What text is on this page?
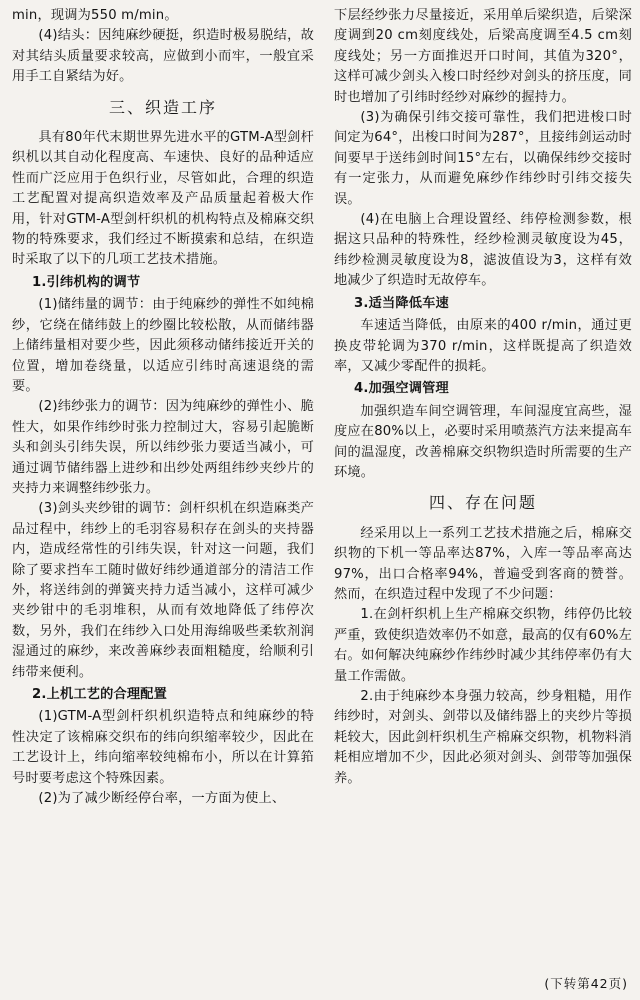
min，现调为550 m/min。

(4)结头：因纯麻纱硬挺，织造时极易脱结，故对其结头质量要求较高，应做到小而牢，一般宜采用手工自紧结为好。

三、织造工序

具有80年代末期世界先进水平的GTM-A型剑杆织机以其自动化程度高、车速快、良好的品种适应性而广泛应用于色织行业，尽管如此，合理的织造工艺配置对提高织造效率及产品质量起着极大作用，针对GTM-A型剑杆织机的机构特点及棉麻交织物的特殊要求，我们经过不断摸索和总结，在织造时采取了以下的几项工艺技术措施。

1.引纬机构的调节

(1)储纬量的调节：由于纯麻纱的弹性不如纯棉纱，它绕在储纬鼓上的纱圈比较松散，从而储纬器上储纬量相对要少些，因此须移动储纬接近开关的位置，增加卷绕量，以适应引纬时高速退绕的需要。

(2)纬纱张力的调节：因为纯麻纱的弹性小、脆性大，如果作纬纱时张力控制过大，容易引起脆断头和剑头引纬失误，所以纬纱张力要适当减小，可通过调节储纬器上进纱和出纱处两组纬纱夹纱片的夹持力来调整纬纱张力。

(3)剑头夹纱钳的调节：剑杆织机在织造麻类产品过程中，纬纱上的毛羽容易积存在剑头的夹持器内，造成经常性的引纬失误，针对这一问题，我们除了要求挡车工随时做好纬纱通道部分的清洁工作外，将送纬剑的弹簧夹持力适当减小，这样可减少夹纱钳中的毛羽堆积，从而有效地降低了纬停次数，另外，我们在纬纱入口处用海绵吸些柔软剂润湿通过的麻纱，来改善麻纱表面粗糙度，给顺利引纬带来便利。

2.上机工艺的合理配置

(1)GTM-A型剑杆织机织造特点和纯麻纱的特性决定了该棉麻交织布的纬向织缩率较少，因此在工艺设计上，纬向缩率较纯棉布小，所以在计算筘号时要考虑这个特殊因素。

(2)为了减少断经停台率，一方面为使上、

下层经纱张力尽量接近，采用单后梁织造，后梁深度调到20 cm刻度线处，后梁高度调至4.5 cm刻度线处；另一方面推迟开口时间，其值为320°，这样可减少剑头入梭口时经纱对剑头的挤压度，同时也增加了引纬时经纱对麻纱的握持力。

(3)为确保引纬交接可靠性，我们把进梭口时间定为64°，出梭口时间为287°，且接纬剑运动时间要早于送纬剑时间15°左右，以确保纬纱交接时有一定张力，从而避免麻纱作纬纱时引纬交接失误。

(4)在电脑上合理设置经、纬停检测参数，根据这只品种的特殊性，经纱检测灵敏度设为45，纬纱检测灵敏度设为8，滤波值设为3，这样有效地减少了织造时无故停车。

3.适当降低车速

车速适当降低，由原来的400 r/min，通过更换皮带轮调为370 r/min，这样既提高了织造效率，又减少零配件的损耗。

4.加强空调管理

加强织造车间空调管理，车间湿度宜高些，湿度应在80%以上，必要时采用喷蒸汽方法来提高车间的温湿度，改善棉麻交织物织造时所需要的生产环境。

四、存在问题

经采用以上一系列工艺技术措施之后，棉麻交织物的下机一等品率达87%，入库一等品率高达97%，出口合格率94%，普遍受到客商的赞誉。然而，在织造过程中发现了不少问题：

1.在剑杆织机上生产棉麻交织物，纬停仍比较严重，致使织造效率仍不如意，最高的仅有60%左右。如何解决纯麻纱作纬纱时减少其纬停率仍有大量工作需做。

2.由于纯麻纱本身强力较高，纱身粗糙，用作纬纱时，对剑头、剑带以及储纬器上的夹纱片等损耗较大，因此剑杆织机生产棉麻交织物，机物料消耗相应增加不少，因此必须对剑头、剑带等加强保养。

(下转第42页)
